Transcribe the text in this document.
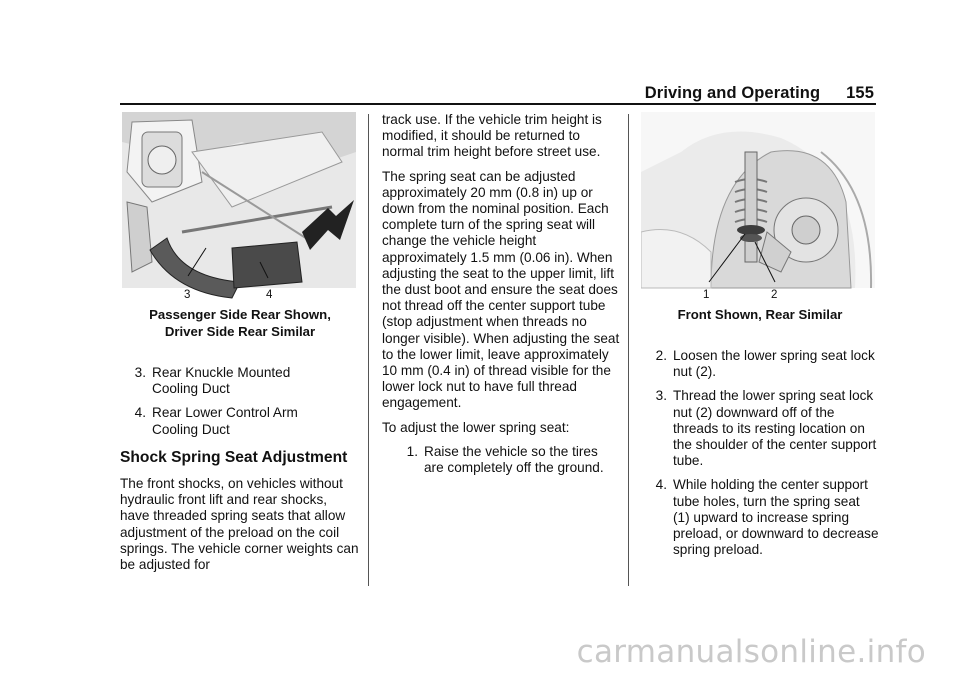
Driving and Operating 155
3	4
Passenger Side Rear Shown,
Driver Side Rear Similar
3. Rear Knuckle Mounted
Cooling Duct
4. Rear Lower Control Arm
Cooling Duct
Shock Spring Seat Adjustment

The front shocks, on vehicles without hydraulic front lift and rear shocks, have threaded spring seats that allow adjustment of the preload on the coil springs. The vehicle corner weights can be adjusted for

track use. If the vehicle trim height is modified, it should be returned to normal trim height before street use.

The spring seat can be adjusted approximately 20 mm (0.8 in) up or down from the nominal position. Each complete turn of the spring seat will change the vehicle height approximately 1.5 mm (0.06 in). When adjusting the seat to the upper limit, lift the dust boot and ensure the seat does not thread off the center support tube (stop adjustment when threads no longer visible). When adjusting the seat to the lower limit, leave approximately 10 mm (0.4 in) of thread visible for the lower lock nut to have full thread engagement.

To adjust the lower spring seat:

1. Raise the vehicle so the tires are completely off the ground.
1	2
Front Shown, Rear Similar
2. Loosen the lower spring seat lock nut (2).
3. Thread the lower spring seat lock nut (2) downward off of the threads to its resting location on the shoulder of the center support tube.
4. While holding the center support tube holes, turn the spring seat (1) upward to increase spring preload, or downward to decrease spring preload.
carmanualsonline.info
